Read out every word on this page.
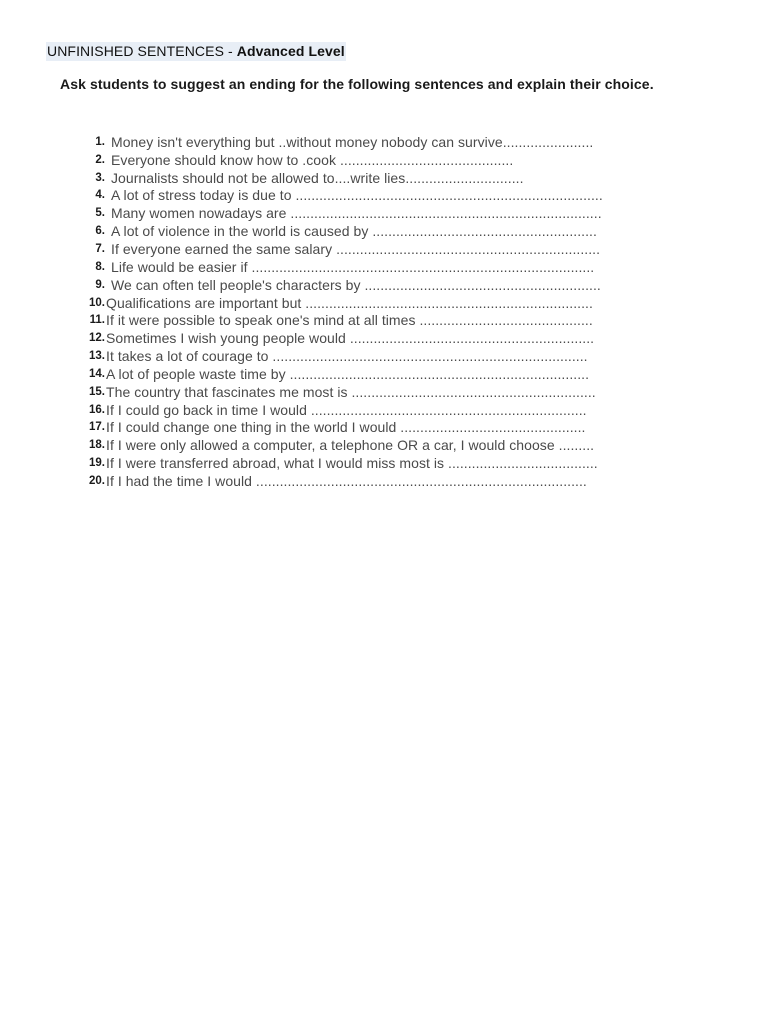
UNFINISHED SENTENCES - Advanced Level
Ask students to suggest an ending for the following sentences and explain their choice.
1. Money isn't everything but ..without money nobody can survive.......................
2. Everyone should know how to .cook ............................................
3. Journalists should not be allowed to....write lies..............................
4. A lot of stress today is due to ..............................................................................
5. Many women nowadays are ...............................................................................
6. A lot of violence in the world is caused by .........................................................
7. If everyone earned the same salary ...................................................................
8. Life would be easier if .......................................................................................
9. We can often tell people's characters by ............................................................
10. Qualifications are important but .........................................................................
11. If it were possible to speak one's mind at all times ............................................
12. Sometimes I wish young people would ..............................................................
13. It takes a lot of courage to ................................................................................
14. A lot of people waste time by ............................................................................
15. The country that fascinates me most is ..............................................................
16. If I could go back in time I would ......................................................................
17. If I could change one thing in the world I would ...............................................
18. If I were only allowed a computer, a telephone OR a car, I would choose .........
19. If I were transferred abroad, what I would miss most is ......................................
20. If I had the time I would ....................................................................................
